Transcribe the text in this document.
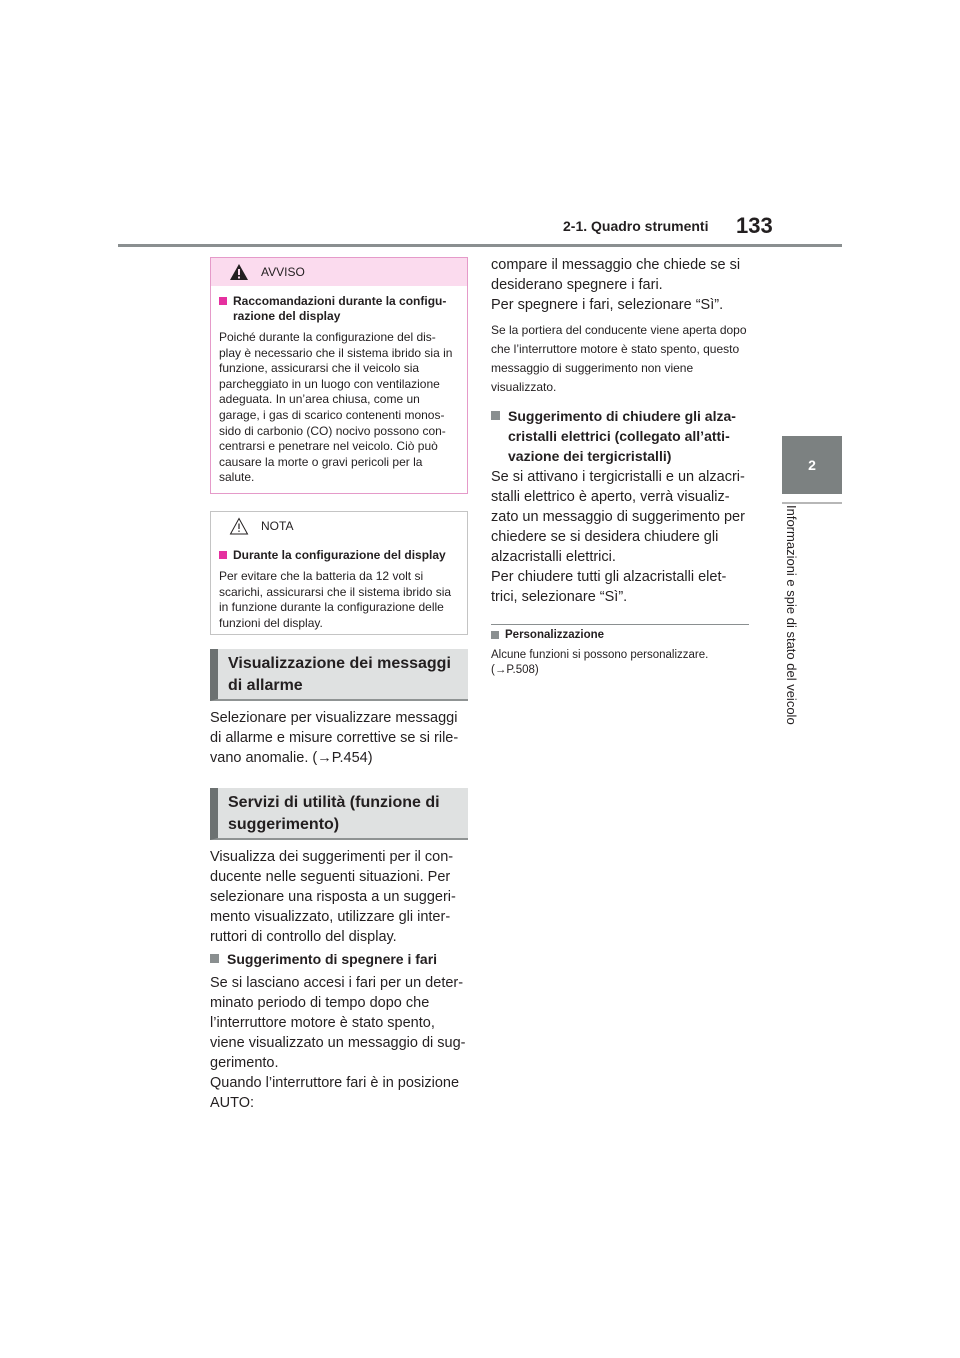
2-1. Quadro strumenti 133
2
Informazioni e spie di stato del veicolo
AVVISO
Raccomandazioni durante la configu- razione del display
Poiché durante la configurazione del dis- play è necessario che il sistema ibrido sia in funzione, assicurarsi che il veicolo sia parcheggiato in un luogo con ventilazione adeguata. In un’area chiusa, come un garage, i gas di scarico contenenti monos- sido di carbonio (CO) nocivo possono con- centrarsi e penetrare nel veicolo. Ciò può causare la morte o gravi pericoli per la salute.
NOTA
Durante la configurazione del display
Per evitare che la batteria da 12 volt si scarichi, assicurarsi che il sistema ibrido sia in funzione durante la configurazione delle funzioni del display.
Visualizzazione dei messaggi di allarme
Selezionare per visualizzare messaggi di allarme e misure correttive se si rile- vano anomalie. (→P.454)
Servizi di utilità (funzione di suggerimento)
Visualizza dei suggerimenti per il con- ducente nelle seguenti situazioni. Per selezionare una risposta a un suggeri- mento visualizzato, utilizzare gli inter- ruttori di controllo del display.
Suggerimento di spegnere i fari
Se si lasciano accesi i fari per un deter- minato periodo di tempo dopo che l’interruttore motore è stato spento, viene visualizzato un messaggio di sug- gerimento.
Quando l’interruttore fari è in posizione AUTO:
compare il messaggio che chiede se si desiderano spegnere i fari.
Per spegnere i fari, selezionare “Sì”.
Se la portiera del conducente viene aperta dopo che l’interruttore motore è stato spento, questo messaggio di suggerimento non viene visualizzato.
Suggerimento di chiudere gli alza- cristalli elettrici (collegato all’atti- vazione dei tergicristalli)
Se si attivano i tergicristalli e un alzacri- stalli elettrico è aperto, verrà visualiz- zato un messaggio di suggerimento per chiedere se si desidera chiudere gli alzacristalli elettrici.
Per chiudere tutti gli alzacristalli elet- trici, selezionare “Sì”.
Personalizzazione
Alcune funzioni si possono personalizzare. (→P.508)
